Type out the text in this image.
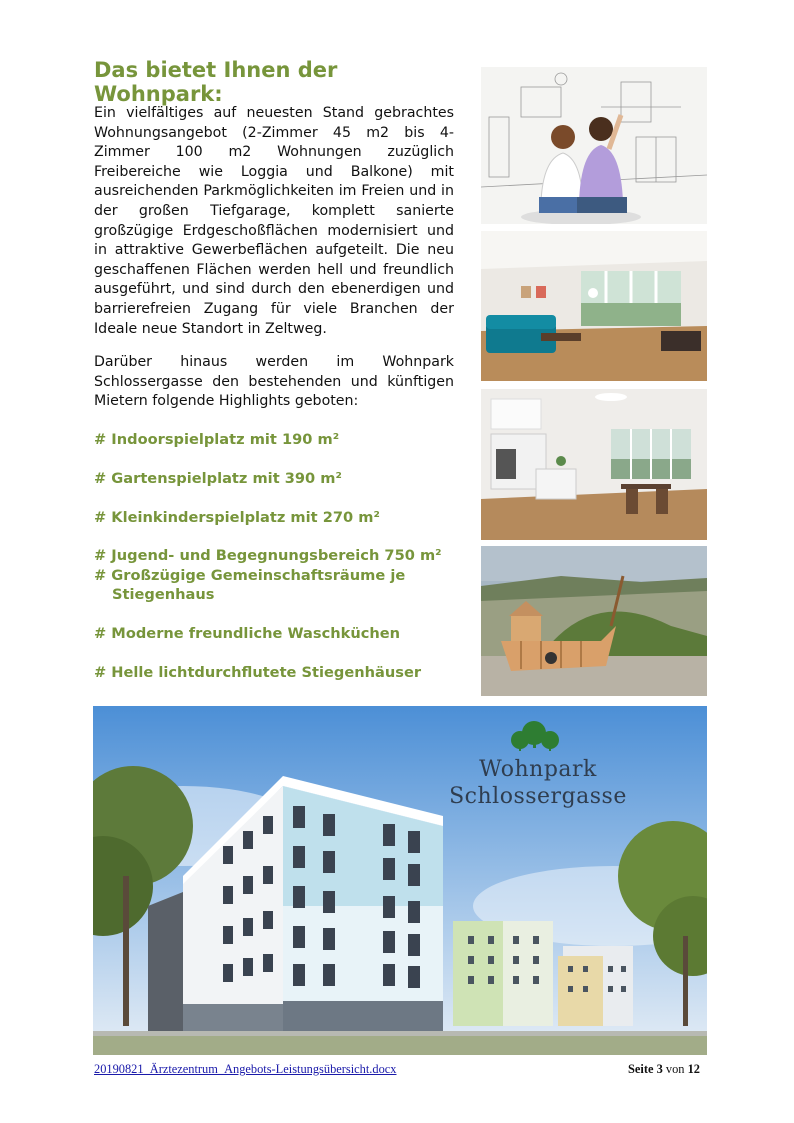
Das bietet Ihnen der Wohnpark:

Ein vielfältiges auf neuesten Stand gebrachtes Wohnungsangebot (2-Zimmer 45 m2 bis 4-Zimmer 100 m2 Wohnungen zuzüglich Freibereiche wie Loggia und Balkone) mit ausreichenden Parkmöglichkeiten im Freien und in der großen Tiefgarage, komplett sanierte großzügige Erdgeschoßflächen modernisiert und in attraktive Gewerbeflächen aufgeteilt. Die neu geschaffenen Flächen werden hell und freundlich ausgeführt, und sind durch den ebenerdigen und barrierefreien Zugang für viele Branchen der Ideale neue Standort in Zeltweg.

Darüber hinaus werden im Wohnpark Schlossergasse den bestehenden und künftigen Mietern folgende Highlights geboten:

# Indoorspielplatz mit 190 m²
# Gartenspielplatz mit 390 m²
# Kleinkinderspielplatz mit 270 m²
# Jugend- und Begegnungsbereich 750 m²
# Großzügige Gemeinschaftsräume je
Stiegenhaus
# Moderne freundliche Waschküchen
# Helle lichtdurchflutete Stiegenhäuser
Wohnpark
Schlossergasse
20190821_Ärztezentrum_Angebots-Leistungsübersicht.docx	Seite 3 von 12
